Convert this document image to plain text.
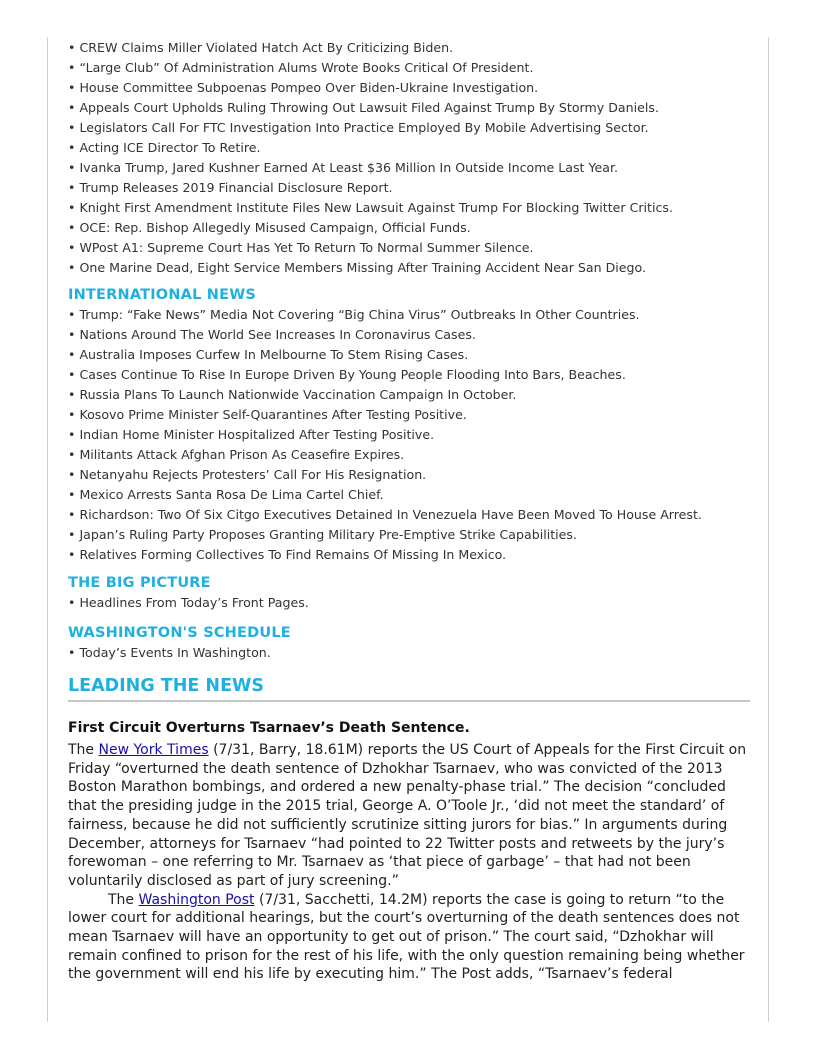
• CREW Claims Miller Violated Hatch Act By Criticizing Biden.
• “Large Club” Of Administration Alums Wrote Books Critical Of President.
• House Committee Subpoenas Pompeo Over Biden-Ukraine Investigation.
• Appeals Court Upholds Ruling Throwing Out Lawsuit Filed Against Trump By Stormy Daniels.
• Legislators Call For FTC Investigation Into Practice Employed By Mobile Advertising Sector.
• Acting ICE Director To Retire.
• Ivanka Trump, Jared Kushner Earned At Least $36 Million In Outside Income Last Year.
• Trump Releases 2019 Financial Disclosure Report.
• Knight First Amendment Institute Files New Lawsuit Against Trump For Blocking Twitter Critics.
• OCE: Rep. Bishop Allegedly Misused Campaign, Official Funds.
• WPost A1: Supreme Court Has Yet To Return To Normal Summer Silence.
• One Marine Dead, Eight Service Members Missing After Training Accident Near San Diego.
INTERNATIONAL NEWS
• Trump: “Fake News” Media Not Covering “Big China Virus” Outbreaks In Other Countries.
• Nations Around The World See Increases In Coronavirus Cases.
• Australia Imposes Curfew In Melbourne To Stem Rising Cases.
• Cases Continue To Rise In Europe Driven By Young People Flooding Into Bars, Beaches.
• Russia Plans To Launch Nationwide Vaccination Campaign In October.
• Kosovo Prime Minister Self-Quarantines After Testing Positive.
• Indian Home Minister Hospitalized After Testing Positive.
• Militants Attack Afghan Prison As Ceasefire Expires.
• Netanyahu Rejects Protesters’ Call For His Resignation.
• Mexico Arrests Santa Rosa De Lima Cartel Chief.
• Richardson: Two Of Six Citgo Executives Detained In Venezuela Have Been Moved To House Arrest.
• Japan’s Ruling Party Proposes Granting Military Pre-Emptive Strike Capabilities.
• Relatives Forming Collectives To Find Remains Of Missing In Mexico.
THE BIG PICTURE
• Headlines From Today’s Front Pages.
WASHINGTON'S SCHEDULE
• Today’s Events In Washington.
LEADING THE NEWS
First Circuit Overturns Tsarnaev’s Death Sentence.

The New York Times (7/31, Barry, 18.61M) reports the US Court of Appeals for the First Circuit on Friday “overturned the death sentence of Dzhokhar Tsarnaev, who was convicted of the 2013 Boston Marathon bombings, and ordered a new penalty-phase trial.” The decision “concluded that the presiding judge in the 2015 trial, George A. O’Toole Jr., ‘did not meet the standard’ of fairness, because he did not sufficiently scrutinize sitting jurors for bias.” In arguments during December, attorneys for Tsarnaev “had pointed to 22 Twitter posts and retweets by the jury’s forewoman – one referring to Mr. Tsarnaev as ‘that piece of garbage’ – that had not been voluntarily disclosed as part of jury screening.”

The Washington Post (7/31, Sacchetti, 14.2M) reports the case is going to return “to the lower court for additional hearings, but the court’s overturning of the death sentences does not mean Tsarnaev will have an opportunity to get out of prison.” The court said, “Dzhokhar will remain confined to prison for the rest of his life, with the only question remaining being whether the government will end his life by executing him.” The Post adds, “Tsarnaev’s federal
